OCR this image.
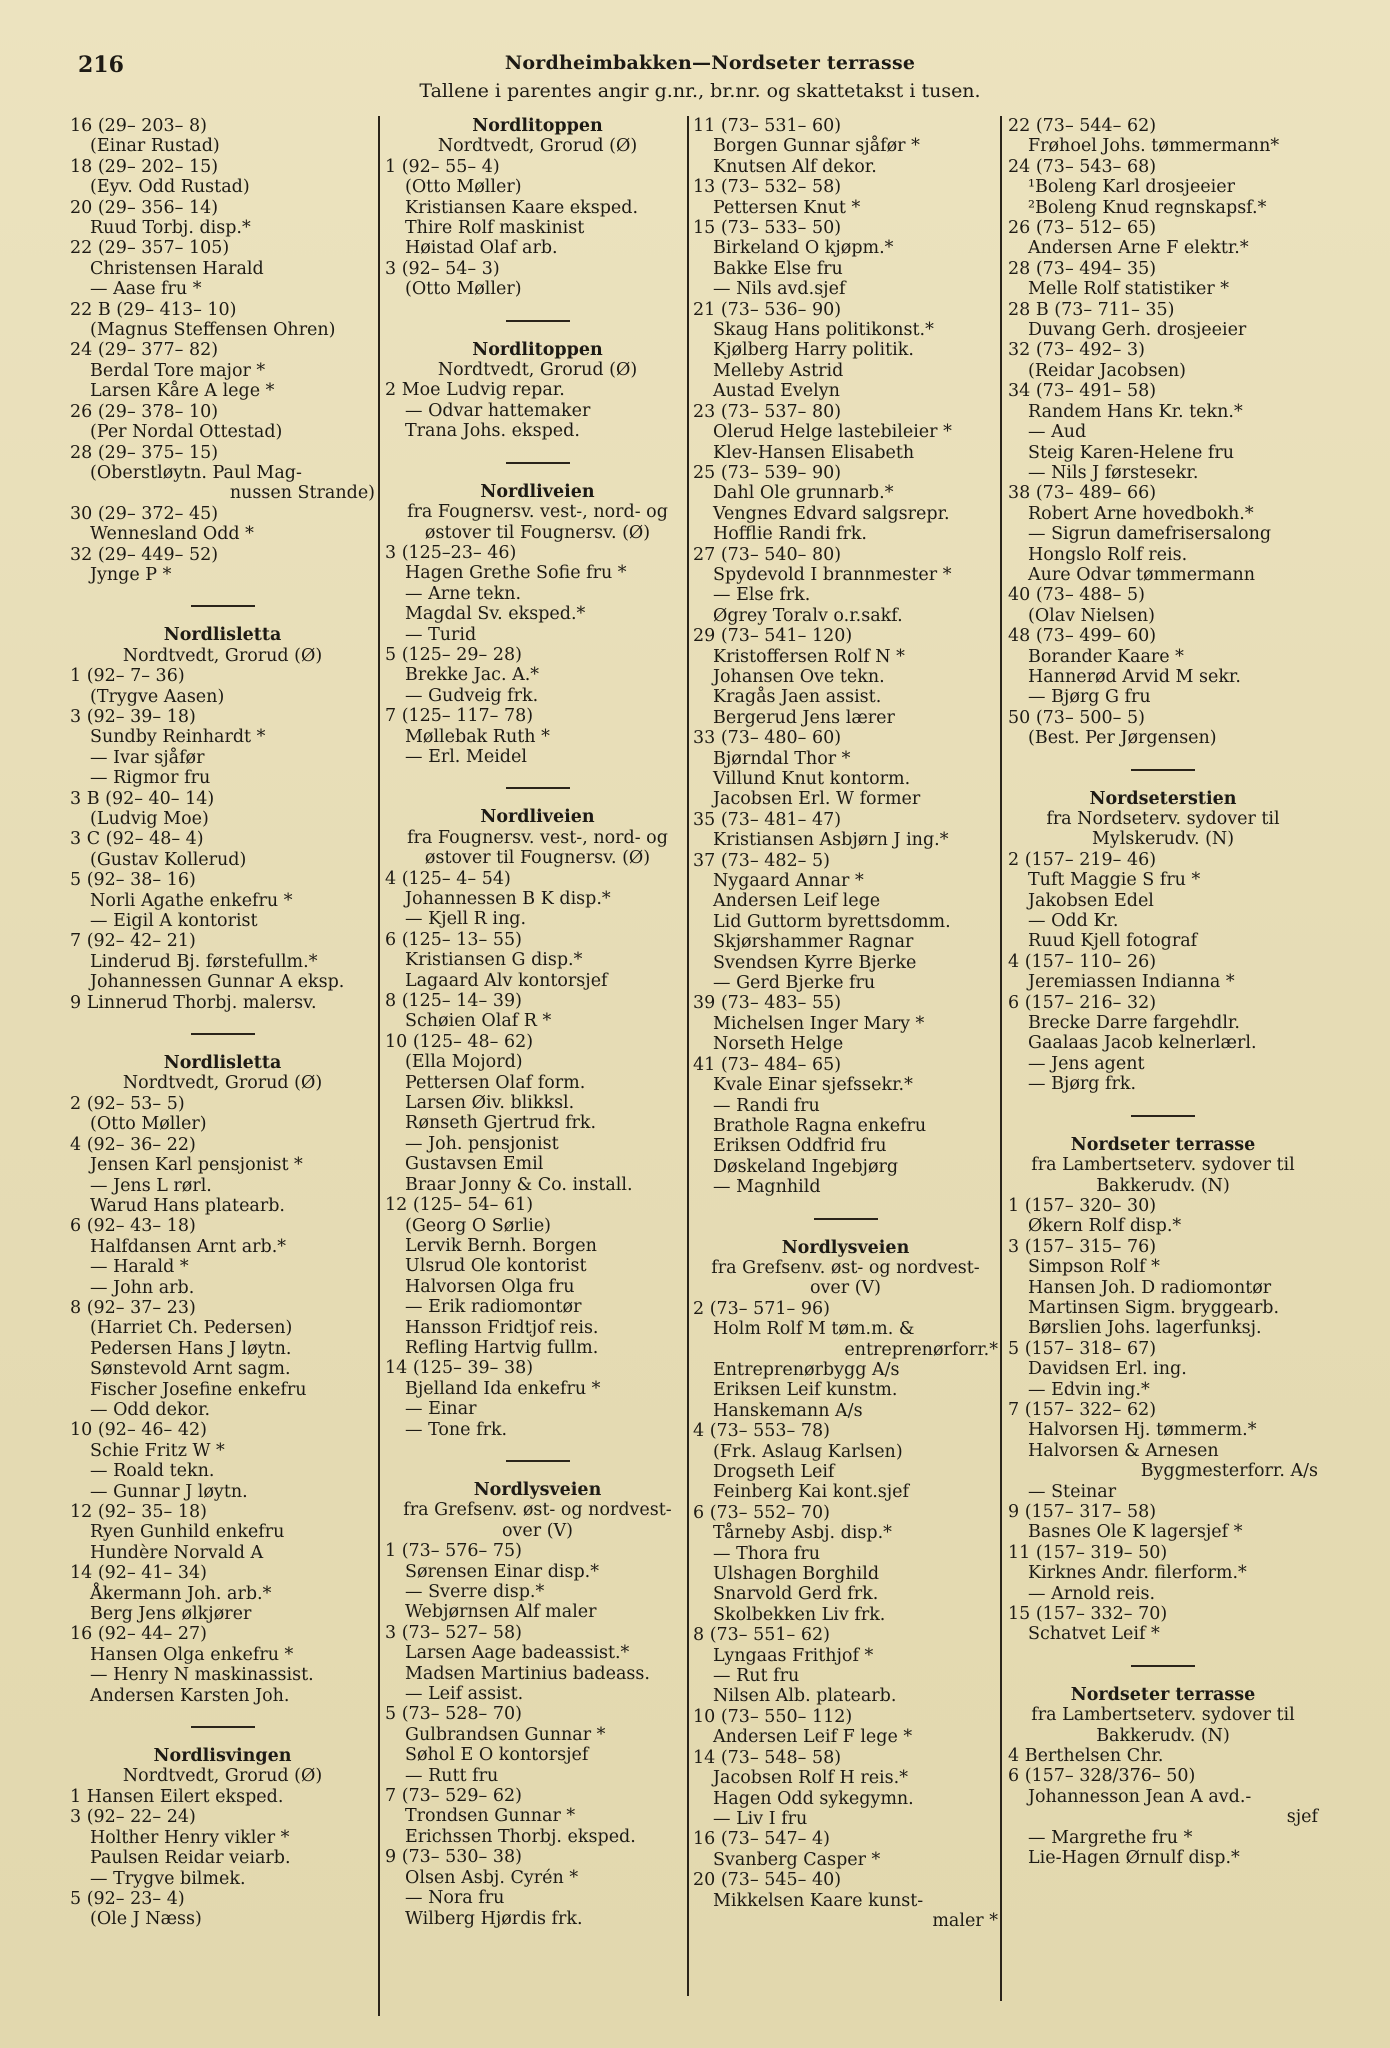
216	Nordheimbakken—Nordseter terrasse
Tallene i parentes angir g.nr., br.nr. og skattetakst i tusen.
16 (29– 203– 8)
(Einar Rustad)
18 (29– 202– 15)
(Eyv. Odd Rustad)
20 (29– 356– 14)
Ruud Torbj. disp.*
22 (29– 357– 105)
Christensen Harald
— Aase fru *
22 B (29– 413– 10)
(Magnus Steffensen Ohren)
24 (29– 377– 82)
Berdal Tore major *
Larsen Kåre A lege *
26 (29– 378– 10)
(Per Nordal Ottestad)
28 (29– 375– 15)
(Oberstløytn. Paul Mag-
nussen Strande)
30 (29– 372– 45)
Wennesland Odd *
32 (29– 449– 52)
Jynge P *
Nordlisletta
Nordtvedt, Grorud (Ø)
1 (92– 7– 36)
(Trygve Aasen)
3 (92– 39– 18)
Sundby Reinhardt *
— Ivar sjåfør
— Rigmor fru
3 B (92– 40– 14)
(Ludvig Moe)
3 C (92– 48– 4)
(Gustav Kollerud)
5 (92– 38– 16)
Norli Agathe enkefru *
— Eigil A kontorist
7 (92– 42– 21)
Linderud Bj. førstefullm.*
Johannessen Gunnar A eksp.
9 Linnerud Thorbj. malersv.
Nordlisletta
Nordtvedt, Grorud (Ø)
2 (92– 53– 5)
(Otto Møller)
4 (92– 36– 22)
Jensen Karl pensjonist *
— Jens L rørl.
Warud Hans platearb.
6 (92– 43– 18)
Halfdansen Arnt arb.*
— Harald *
— John arb.
8 (92– 37– 23)
(Harriet Ch. Pedersen)
Pedersen Hans J løytn.
Sønstevold Arnt sagm.
Fischer Josefine enkefru
— Odd dekor.
10 (92– 46– 42)
Schie Fritz W *
— Roald tekn.
— Gunnar J løytn.
12 (92– 35– 18)
Ryen Gunhild enkefru
Hundère Norvald A
14 (92– 41– 34)
Åkermann Joh. arb.*
Berg Jens ølkjører
16 (92– 44– 27)
Hansen Olga enkefru *
— Henry N maskinassist.
Andersen Karsten Joh.
Nordlisvingen
Nordtvedt, Grorud (Ø)
1 Hansen Eilert eksped.
3 (92– 22– 24)
Holther Henry vikler *
Paulsen Reidar veiarb.
— Trygve bilmek.
5 (92– 23– 4)
(Ole J Næss)
Nordlitoppen
Nordtvedt, Grorud (Ø)
1 (92– 55– 4)
(Otto Møller)
Kristiansen Kaare eksped.
Thire Rolf maskinist
Høistad Olaf arb.
3 (92– 54– 3)
(Otto Møller)
Nordlitoppen
Nordtvedt, Grorud (Ø)
2 Moe Ludvig repar.
— Odvar hattemaker
Trana Johs. eksped.
Nordliveien
fra Fougnersv. vest-, nord- og
østover til Fougnersv. (Ø)
3 (125–23– 46)
Hagen Grethe Sofie fru *
— Arne tekn.
Magdal Sv. eksped.*
— Turid
5 (125– 29– 28)
Brekke Jac. A.*
— Gudveig frk.
7 (125– 117– 78)
Møllebak Ruth *
— Erl. Meidel
Nordliveien
fra Fougnersv. vest-, nord- og
østover til Fougnersv. (Ø)
4 (125– 4– 54)
Johannessen B K disp.*
— Kjell R ing.
6 (125– 13– 55)
Kristiansen G disp.*
Lagaard Alv kontorsjef
8 (125– 14– 39)
Schøien Olaf R *
10 (125– 48– 62)
(Ella Mojord)
Pettersen Olaf form.
Larsen Øiv. blikksl.
Rønseth Gjertrud frk.
— Joh. pensjonist
Gustavsen Emil
Braar Jonny & Co. install.
12 (125– 54– 61)
(Georg O Sørlie)
Lervik Bernh. Borgen
Ulsrud Ole kontorist
Halvorsen Olga fru
— Erik radiomontør
Hansson Fridtjof reis.
Refling Hartvig fullm.
14 (125– 39– 38)
Bjelland Ida enkefru *
— Einar
— Tone frk.
Nordlysveien
fra Grefsenv. øst- og nordvest-
over (V)
1 (73– 576– 75)
Sørensen Einar disp.*
— Sverre disp.*
Webjørnsen Alf maler
3 (73– 527– 58)
Larsen Aage badeassist.*
Madsen Martinius badeass.
— Leif assist.
5 (73– 528– 70)
Gulbrandsen Gunnar *
Søhol E O kontorsjef
— Rutt fru
7 (73– 529– 62)
Trondsen Gunnar *
Erichssen Thorbj. eksped.
9 (73– 530– 38)
Olsen Asbj. Cyrén *
— Nora fru
Wilberg Hjørdis frk.
11 (73– 531– 60)
Borgen Gunnar sjåfør *
Knutsen Alf dekor.
13 (73– 532– 58)
Pettersen Knut *
15 (73– 533– 50)
Birkeland O kjøpm.*
Bakke Else fru
— Nils avd.sjef
21 (73– 536– 90)
Skaug Hans politikonst.*
Kjølberg Harry politik.
Melleby Astrid
Austad Evelyn
23 (73– 537– 80)
Olerud Helge lastebileier *
Klev-Hansen Elisabeth
25 (73– 539– 90)
Dahl Ole grunnarb.*
Vengnes Edvard salgsrepr.
Hofflie Randi frk.
27 (73– 540– 80)
Spydevold I brannmester *
— Else frk.
Øgrey Toralv o.r.sakf.
29 (73– 541– 120)
Kristoffersen Rolf N *
Johansen Ove tekn.
Kragås Jaen assist.
Bergerud Jens lærer
33 (73– 480– 60)
Bjørndal Thor *
Villund Knut kontorm.
Jacobsen Erl. W former
35 (73– 481– 47)
Kristiansen Asbjørn J ing.*
37 (73– 482– 5)
Nygaard Annar *
Andersen Leif lege
Lid Guttorm byrettsdomm.
Skjørshammer Ragnar
Svendsen Kyrre Bjerke
— Gerd Bjerke fru
39 (73– 483– 55)
Michelsen Inger Mary *
Norseth Helge
41 (73– 484– 65)
Kvale Einar sjefssekr.*
— Randi fru
Brathole Ragna enkefru
Eriksen Oddfrid fru
Døskeland Ingebjørg
— Magnhild
Nordlysveien
fra Grefsenv. øst- og nordvest-
over (V)
2 (73– 571– 96)
Holm Rolf M tøm.m. &
entreprenørforr.*
Entreprenørbygg A/s
Eriksen Leif kunstm.
Hanskemann A/s
4 (73– 553– 78)
(Frk. Aslaug Karlsen)
Drogseth Leif
Feinberg Kai kont.sjef
6 (73– 552– 70)
Tårneby Asbj. disp.*
— Thora fru
Ulshagen Borghild
Snarvold Gerd frk.
Skolbekken Liv frk.
8 (73– 551– 62)
Lyngaas Frithjof *
— Rut fru
Nilsen Alb. platearb.
10 (73– 550– 112)
Andersen Leif F lege *
14 (73– 548– 58)
Jacobsen Rolf H reis.*
Hagen Odd sykegymn.
— Liv I fru
16 (73– 547– 4)
Svanberg Casper *
20 (73– 545– 40)
Mikkelsen Kaare kunst-
maler *
22 (73– 544– 62)
Frøhoel Johs. tømmermann*
24 (73– 543– 68)
¹Boleng Karl drosjeeier
²Boleng Knud regnskapsf.*
26 (73– 512– 65)
Andersen Arne F elektr.*
28 (73– 494– 35)
Melle Rolf statistiker *
28 B (73– 711– 35)
Duvang Gerh. drosjeeier
32 (73– 492– 3)
(Reidar Jacobsen)
34 (73– 491– 58)
Randem Hans Kr. tekn.*
— Aud
Steig Karen-Helene fru
— Nils J førstesekr.
38 (73– 489– 66)
Robert Arne hovedbokh.*
— Sigrun damefrisersalong
Hongslo Rolf reis.
Aure Odvar tømmermann
40 (73– 488– 5)
(Olav Nielsen)
48 (73– 499– 60)
Borander Kaare *
Hannerød Arvid M sekr.
— Bjørg G fru
50 (73– 500– 5)
(Best. Per Jørgensen)
Nordseterstien
fra Nordseterv. sydover til
Mylskerudv. (N)
2 (157– 219– 46)
Tuft Maggie S fru *
Jakobsen Edel
— Odd Kr.
Ruud Kjell fotograf
4 (157– 110– 26)
Jeremiassen Indianna *
6 (157– 216– 32)
Brecke Darre fargehdlr.
Gaalaas Jacob kelnerlærl.
— Jens agent
— Bjørg frk.
Nordseter terrasse
fra Lambertseterv. sydover til
Bakkerudv. (N)
1 (157– 320– 30)
Økern Rolf disp.*
3 (157– 315– 76)
Simpson Rolf *
Hansen Joh. D radiomontør
Martinsen Sigm. bryggearb.
Børslien Johs. lagerfunksj.
5 (157– 318– 67)
Davidsen Erl. ing.
— Edvin ing.*
7 (157– 322– 62)
Halvorsen Hj. tømmerm.*
Halvorsen & Arnesen
Byggmesterforr. A/s
— Steinar
9 (157– 317– 58)
Basnes Ole K lagersjef *
11 (157– 319– 50)
Kirknes Andr. filerform.*
— Arnold reis.
15 (157– 332– 70)
Schatvet Leif *
Nordseter terrasse
fra Lambertseterv. sydover til
Bakkerudv. (N)
4 Berthelsen Chr.
6 (157– 328/376– 50)
Johannesson Jean A avd.-
sjef
— Margrethe fru *
Lie-Hagen Ørnulf disp.*
